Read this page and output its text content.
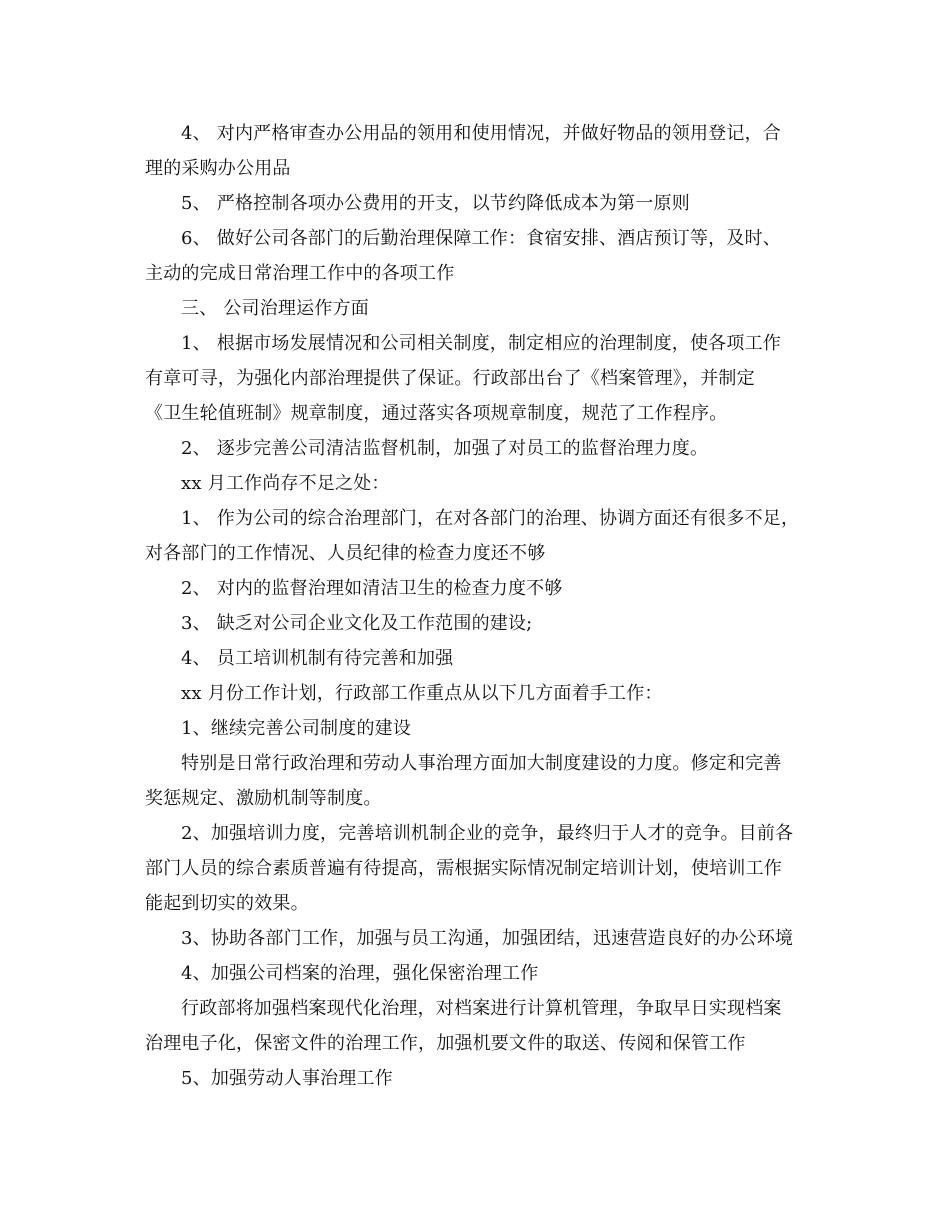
4、 对内严格审查办公用品的领用和使用情况，并做好物品的领用登记，合
理的采购办公用品
5、 严格控制各项办公费用的开支，以节约降低成本为第一原则
6、 做好公司各部门的后勤治理保障工作：食宿安排、酒店预订等，及时、
主动的完成日常治理工作中的各项工作
三、 公司治理运作方面
1、 根据市场发展情况和公司相关制度，制定相应的治理制度，使各项工作
有章可寻，为强化内部治理提供了保证。行政部出台了《档案管理》，并制定
《卫生轮值班制》规章制度，通过落实各项规章制度，规范了工作程序。
2、 逐步完善公司清洁监督机制，加强了对员工的监督治理力度。
xx 月工作尚存不足之处：
1、 作为公司的综合治理部门，在对各部门的治理、协调方面还有很多不足，
对各部门的工作情况、人员纪律的检查力度还不够
2、 对内的监督治理如清洁卫生的检查力度不够
3、 缺乏对公司企业文化及工作范围的建设;
4、 员工培训机制有待完善和加强
xx 月份工作计划，行政部工作重点从以下几方面着手工作：
1、继续完善公司制度的建设
特别是日常行政治理和劳动人事治理方面加大制度建设的力度。修定和完善
奖惩规定、激励机制等制度。
2、加强培训力度，完善培训机制企业的竞争，最终归于人才的竞争。目前各
部门人员的综合素质普遍有待提高，需根据实际情况制定培训计划，使培训工作
能起到切实的效果。
3、协助各部门工作，加强与员工沟通，加强团结，迅速营造良好的办公环境
4、加强公司档案的治理，强化保密治理工作
行政部将加强档案现代化治理，对档案进行计算机管理，争取早日实现档案
治理电子化，保密文件的治理工作，加强机要文件的取送、传阅和保管工作
5、加强劳动人事治理工作
